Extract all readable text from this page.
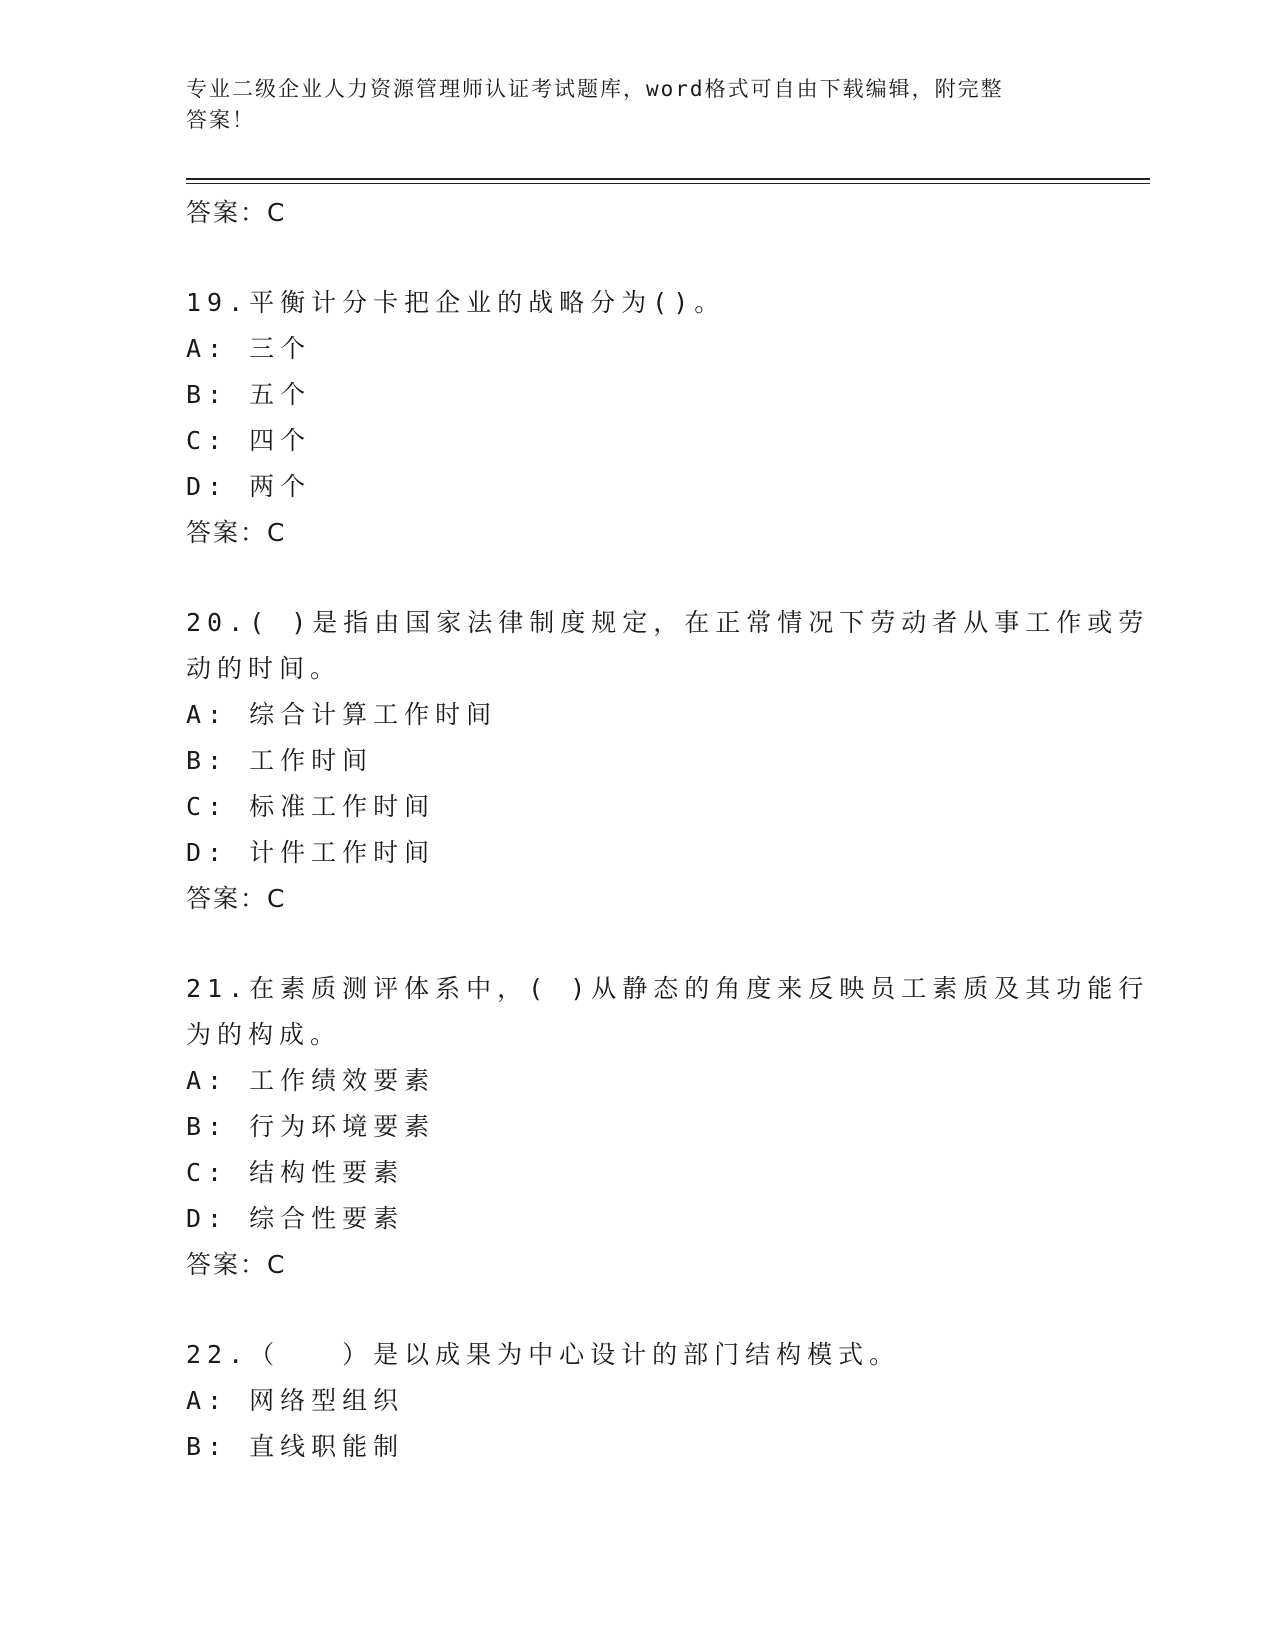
专业二级企业人力资源管理师认证考试题库，word格式可自由下载编辑，附完整
答案！
答案：C
19.平衡计分卡把企业的战略分为()。
A: 三个
B: 五个
C: 四个
D: 两个
答案：C
20.( )是指由国家法律制度规定，在正常情况下劳动者从事工作或劳
动的时间。
A: 综合计算工作时间
B: 工作时间
C: 标准工作时间
D: 计件工作时间
答案：C
21.在素质测评体系中，( )从静态的角度来反映员工素质及其功能行
为的构成。
A: 工作绩效要素
B: 行为环境要素
C: 结构性要素
D: 综合性要素
答案：C
22.（　　）是以成果为中心设计的部门结构模式。
A: 网络型组织
B: 直线职能制
